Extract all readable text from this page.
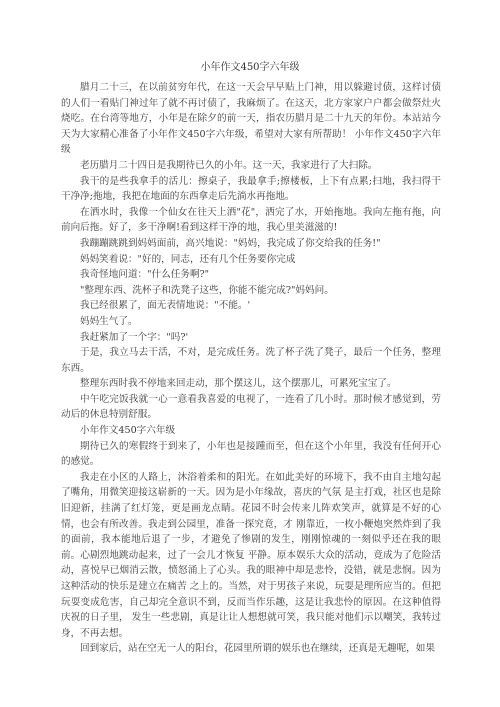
小年作文450字六年级

腊月二十三，在以前贫穷年代，在这一天会早早贴上门神，用以躲避讨债，这样讨债的人们一看贴门神过年了就不再讨债了，我麻烦了。在这天，北方家家户户都会做祭灶火烧吃。在台湾等地方，小年是在除夕的前一天，指农历腊月是二十九天的年份。本站站今天为大家精心准备了小年作文450字六年级，希望对大家有所帮助！ 小年作文450字六年级

老历腊月二十四日是我期待已久的小年。这一天，我家进行了大扫除。

我干的是些我拿手的活儿：擦桌子，我最拿手;擦楼板，上下有点累;扫地，我扫得干干净净;拖地，我把在地面的东西拿走后先淌水再拖地。

在洒水时，我像一个仙女在往天上洒"花"，洒完了水，开始拖地。我向左拖有拖，向前向后拖。好了，多干净啊!看到这样干净的地，我心里美滋滋的!

我蹦蹦跳跳到妈妈面前，高兴地说："妈妈，我完成了你交给我的任务!"

妈妈笑着说："好的，同志，还有几个任务要你完成

我奇怪地问道："什么任务啊?"

"整理东西、洗杯子和洗凳子这些，你能不能完成?"妈妈问。

我已经很累了，面无表情地说："不能。'

妈妈生气了。

我赶紧加了一个字："吗?'

于是，我立马去干活，不对，是完成任务。洗了杯子洗了凳子，最后一个任务，整理东西。

整理东西时我不停地来回走动，那个摆这儿，这个摆那儿，可累死宝宝了。

中午吃完饭我就一心一意看我喜爱的电视了，一连看了几小时。那时候才感觉到，劳动后的休息特别舒服。

小年作文450字六年级

期待已久的寒假终于到来了，小年也是接踵而至，但在这个小年里，我没有任何开心的感觉。

我走在小区的人路上，沐浴着柔和的阳光。在如此美好的环境下，我不由自主地勾起了嘴角，用微笑迎接这崭新的一天。因为是小年缘故，喜庆的气氛 是主打戏，社区也是除旧迎新，挂满了红灯笼，更是画龙点睛。花园不时会传来儿阵欢笑声，就算是不好的心情，也会有所改善。我走到公园里，准备一探究竟，才 刚靠近，一枚小鞭炮突然炸到了我的面前，我本能地后退了一步，才避免了惨剧的发生，刚刚惊魂的一刻似乎还在我的眼前。心剧烈地跳动起来，过了一会儿才恢复 平静。原本娱乐大众的活动，竟成为了危险活动，喜悦早已烟消云散，愤怒涌上了心头。我的眼神中却是悲怜，没错，就是悲悯。因为这种活动的快乐是建立在痛苦 之上的。当然，对于男孩子来说，玩耍是理所应当的。但把玩耍变成危害，自己却完全意识不到，反而当作乐趣，这是让我悲怜的原因。在这种值得庆祝的日子里， 发生一些悲剧，真是让让人想想就可笑，我只能对他们示以嘲笑，我转过身，不再去想。

回到家后，站在空无一人的阳台，花园里所谓的娱乐也在继续，还真是无趣呢，如果
